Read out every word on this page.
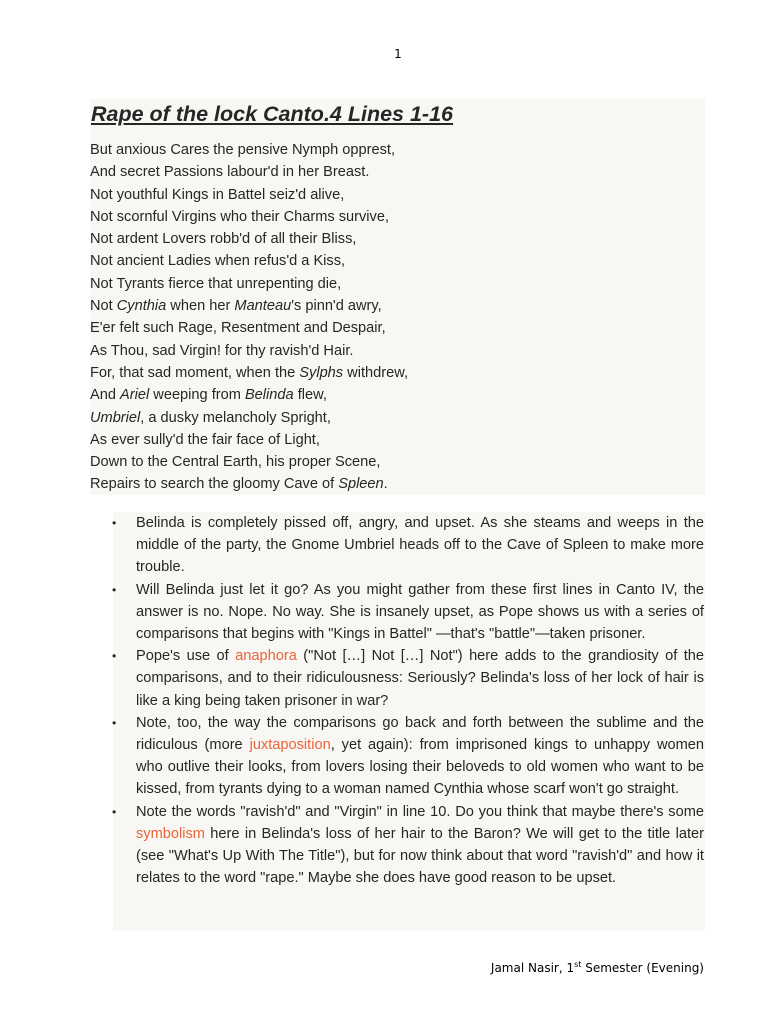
1
Rape of the lock Canto.4 Lines 1-16
But anxious Cares the pensive Nymph opprest,
And secret Passions labour'd in her Breast.
Not youthful Kings in Battel seiz'd alive,
Not scornful Virgins who their Charms survive,
Not ardent Lovers robb'd of all their Bliss,
Not ancient Ladies when refus'd a Kiss,
Not Tyrants fierce that unrepenting die,
Not Cynthia when her Manteau's pinn'd awry,
E'er felt such Rage, Resentment and Despair,
As Thou, sad Virgin! for thy ravish'd Hair.
For, that sad moment, when the Sylphs withdrew,
And Ariel weeping from Belinda flew,
Umbriel, a dusky melancholy Spright,
As ever sully'd the fair face of Light,
Down to the Central Earth, his proper Scene,
Repairs to search the gloomy Cave of Spleen.
• Belinda is completely pissed off, angry, and upset. As she steams and weeps in the middle of the party, the Gnome Umbriel heads off to the Cave of Spleen to make more trouble.
• Will Belinda just let it go? As you might gather from these first lines in Canto IV, the answer is no. Nope. No way. She is insanely upset, as Pope shows us with a series of comparisons that begins with "Kings in Battel" —that's "battle"—taken prisoner.
• Pope's use of anaphora ("Not […] Not […] Not") here adds to the grandiosity of the comparisons, and to their ridiculousness: Seriously? Belinda's loss of her lock of hair is like a king being taken prisoner in war?
• Note, too, the way the comparisons go back and forth between the sublime and the ridiculous (more juxtaposition, yet again): from imprisoned kings to unhappy women who outlive their looks, from lovers losing their beloveds to old women who want to be kissed, from tyrants dying to a woman named Cynthia whose scarf won't go straight.
• Note the words "ravish'd" and "Virgin" in line 10. Do you think that maybe there's some symbolism here in Belinda's loss of her hair to the Baron? We will get to the title later (see "What's Up With The Title"), but for now think about that word "ravish'd" and how it relates to the word "rape." Maybe she does have good reason to be upset.
Jamal Nasir, 1st Semester (Evening)
